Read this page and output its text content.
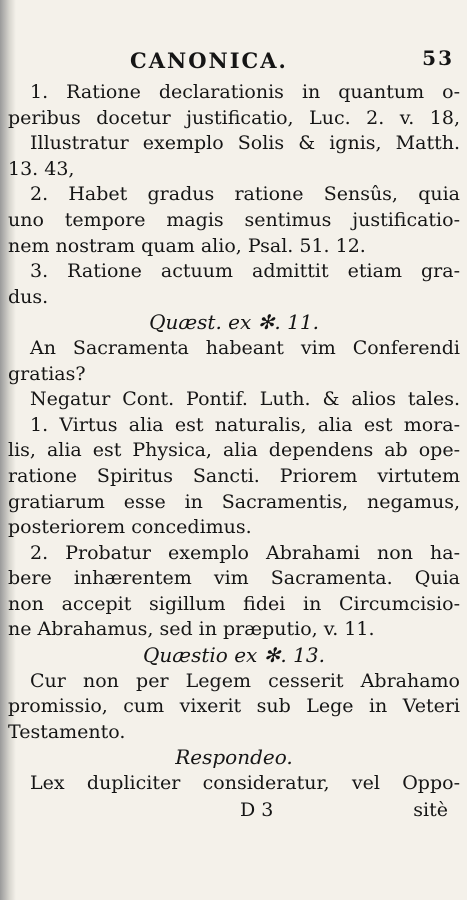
CANONICA.	53
1. Ratione declarationis in quantum o-
peribus docetur justificatio, Luc. 2. v. 18,
Illustratur exemplo Solis & ignis, Matth.
13. 43,
2. Habet gradus ratione Sensûs, quia
uno tempore magis sentimus justificatio-
nem nostram quam alio, Psal. 51. 12.
3. Ratione actuum admittit etiam gra-
dus.
Quæst. ex ✻. 11.
An Sacramenta habeant vim Conferendi
gratias?
Negatur Cont. Pontif. Luth. & alios tales.
1. Virtus alia est naturalis, alia est mora-
lis, alia est Physica, alia dependens ab ope-
ratione Spiritus Sancti. Priorem virtutem
gratiarum esse in Sacramentis, negamus,
posteriorem concedimus.
2. Probatur exemplo Abrahami non ha-
bere inhærentem vim Sacramenta. Quia
non accepit sigillum fidei in Circumcisio-
ne Abrahamus, sed in præputio, v. 11.
Quæstio ex ✻. 13.
Cur non per Legem cesserit Abrahamo
promissio, cum vixerit sub Lege in Veteri
Testamento.
Respondeo.
Lex dupliciter consideratur, vel Oppo-
D 3	sitè
